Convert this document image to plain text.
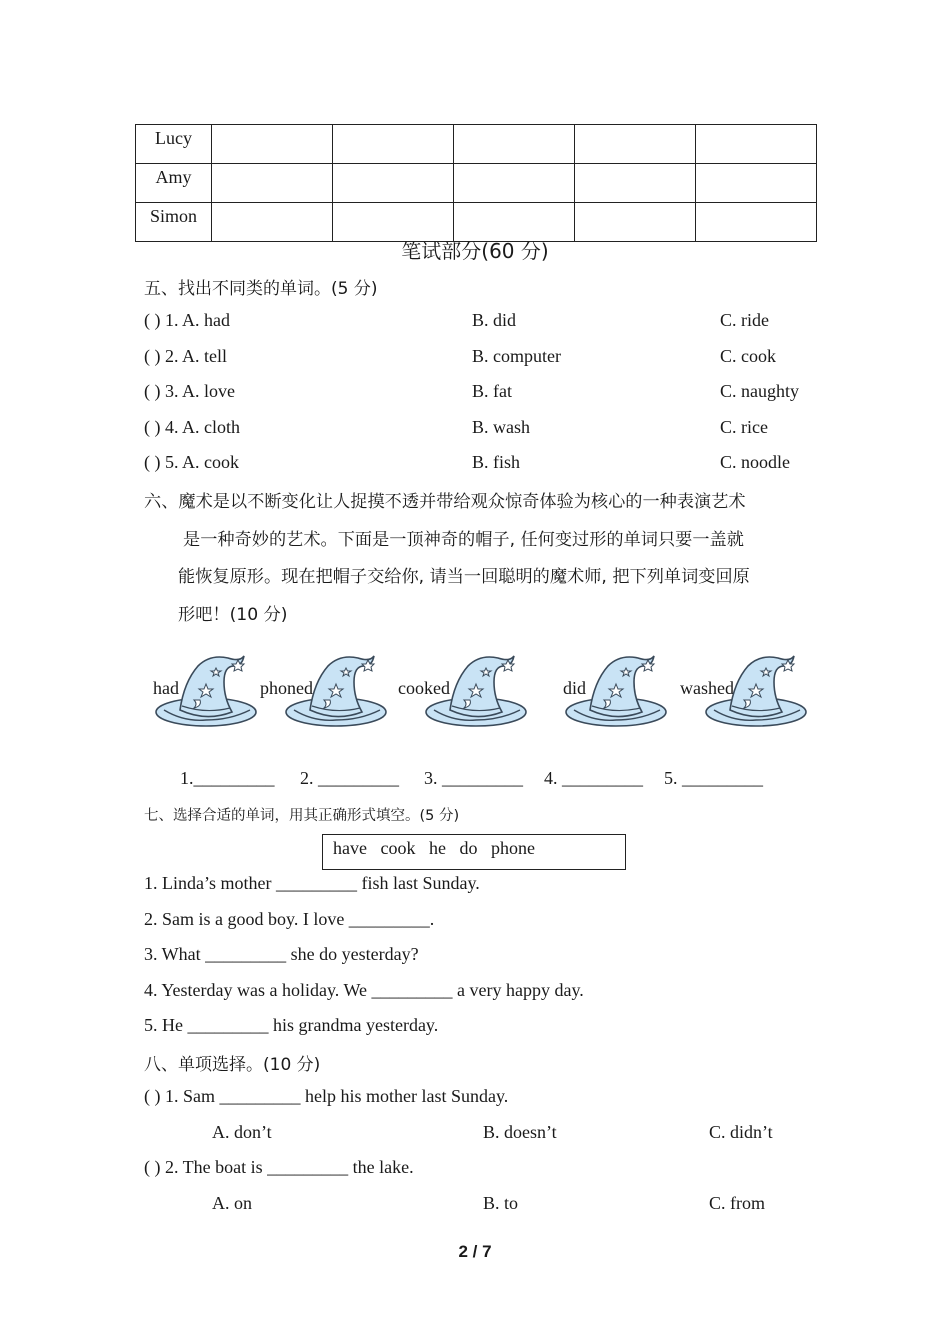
Lucy					
Amy					
Simon					
笔试部分(60 分)
五、找出不同类的单词。(5 分)
( ) 1. A. had	B. did	C. ride
( ) 2. A. tell	B. computer	C. cook
( ) 3. A. love	B. fat	C. naughty
( ) 4. A. cloth	B. wash	C. rice
( ) 5. A. cook	B. fish	C. noodle
六、魔术是以不断变化让人捉摸不透并带给观众惊奇体验为核心的一种表演艺术
是一种奇妙的艺术。下面是一顶神奇的帽子, 任何变过形的单词只要一盖就
能恢复原形。现在把帽子交给你, 请当一回聪明的魔术师, 把下列单词变回原
形吧！(10 分)
had	phoned	cooked	did	washed
1._________ 2. _________ 3. _________ 4. _________ 5. _________
七、选择合适的单词，用其正确形式填空。(5 分)
have   cook   he   do   phone
1. Linda’s mother _________ fish last Sunday.
2. Sam is a good boy. I love _________.
3. What _________ she do yesterday?
4. Yesterday was a holiday. We _________ a very happy day.
5. He _________ his grandma yesterday.
八、单项选择。(10 分)
( ) 1. Sam _________ help his mother last Sunday.
A. don’t	B. doesn’t	C. didn’t
( ) 2. The boat is _________ the lake.
A. on	B. to	C. from
2 / 7
